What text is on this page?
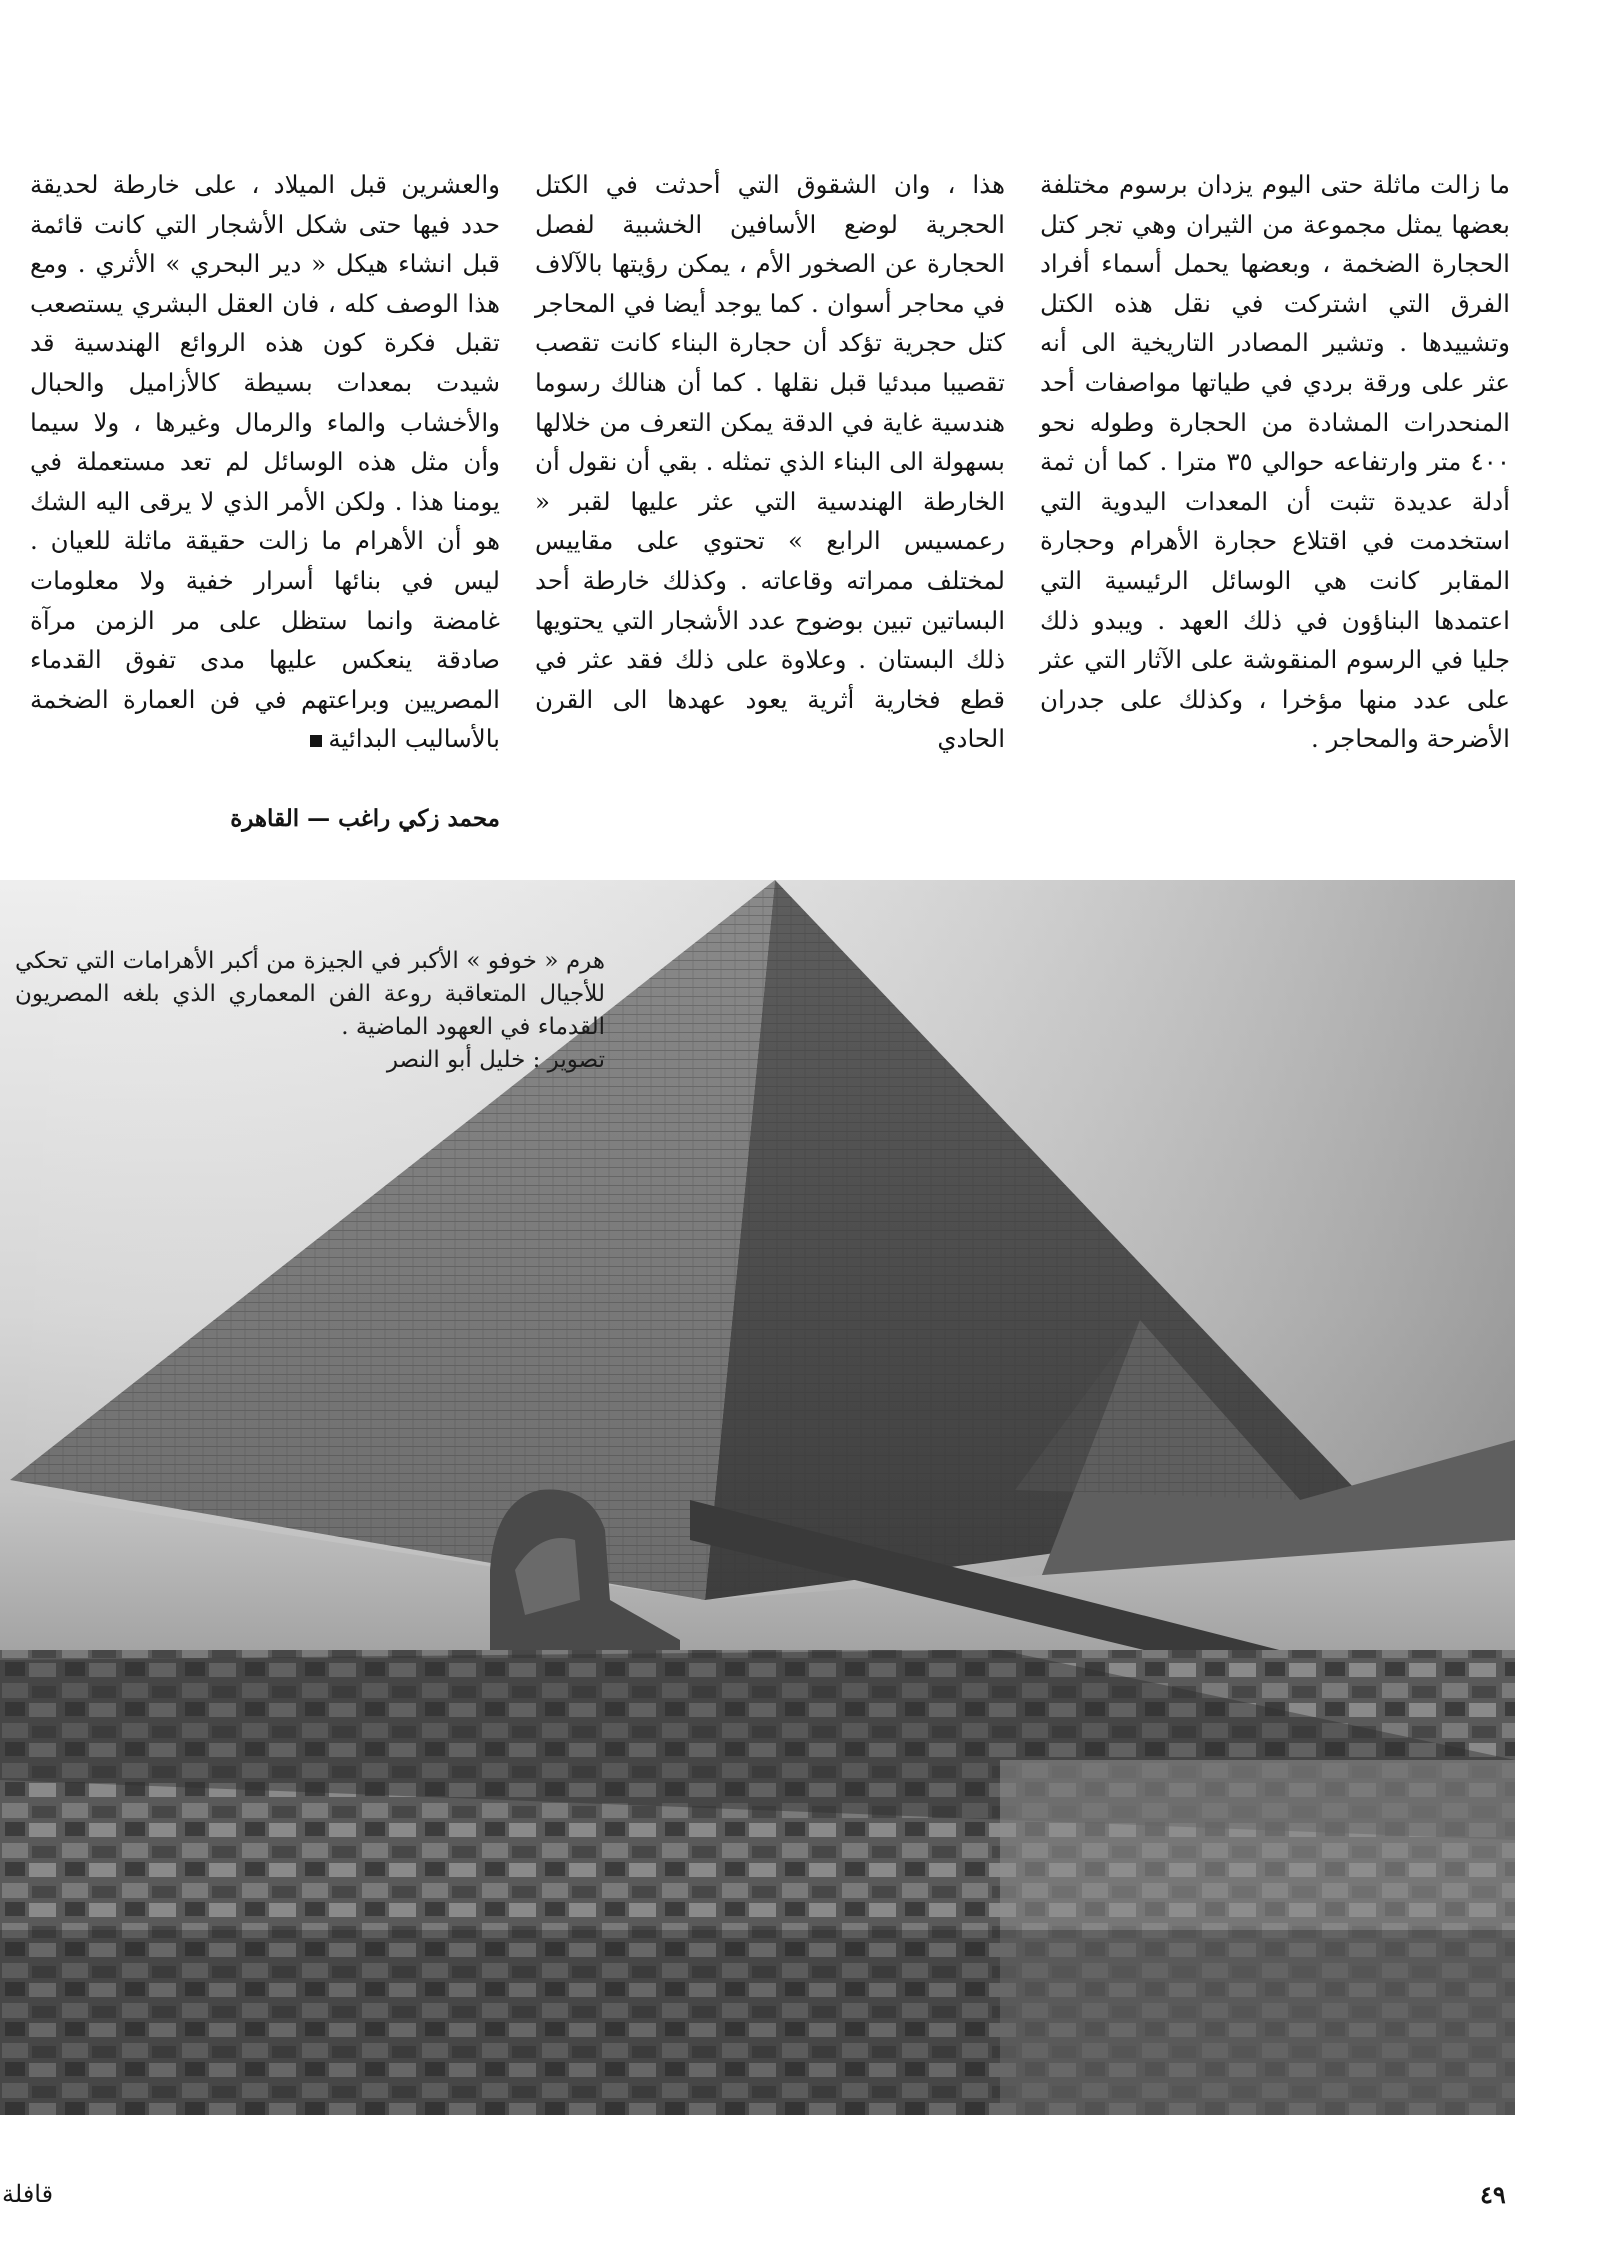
ما زالت ماثلة حتى اليوم يزدان برسوم مختلفة بعضها يمثل مجموعة من الثيران وهي تجر كتل الحجارة الضخمة ، وبعضها يحمل أسماء أفراد الفرق التي اشتركت في نقل هذه الكتل وتشييدها . وتشير المصادر التاريخية الى أنه عثر على ورقة بردي في طياتها مواصفات أحد المنحدرات المشادة من الحجارة وطوله نحو ٤٠٠ متر وارتفاعه حوالي ٣٥ مترا . كما أن ثمة أدلة عديدة تثبت أن المعدات اليدوية التي استخدمت في اقتلاع حجارة الأهرام وحجارة المقابر كانت هي الوسائل الرئيسية التي اعتمدها البناؤون في ذلك العهد . ويبدو ذلك جليا في الرسوم المنقوشة على الآثار التي عثر على عدد منها مؤخرا ، وكذلك على جدران الأضرحة والمحاجر .

هذا ، وان الشقوق التي أحدثت في الكتل الحجرية لوضع الأسافين الخشبية لفصل الحجارة عن الصخور الأم ، يمكن رؤيتها بالآلاف في محاجر أسوان . كما يوجد أيضا في المحاجر كتل حجرية تؤكد أن حجارة البناء كانت تقصب تقصيبا مبدئيا قبل نقلها . كما أن هنالك رسوما هندسية غاية في الدقة يمكن التعرف من خلالها بسهولة الى البناء الذي تمثله . بقي أن نقول أن الخارطة الهندسية التي عثر عليها لقبر « رعمسيس الرابع » تحتوي على مقاييس لمختلف ممراته وقاعاته . وكذلك خارطة أحد البساتين تبين بوضوح عدد الأشجار التي يحتويها ذلك البستان . وعلاوة على ذلك فقد عثر في قطع فخارية أثرية يعود عهدها الى القرن الحادي

والعشرين قبل الميلاد ، على خارطة لحديقة حدد فيها حتى شكل الأشجار التي كانت قائمة قبل انشاء هيكل « دير البحري » الأثري . ومع هذا الوصف كله ، فان العقل البشري يستصعب تقبل فكرة كون هذه الروائع الهندسية قد شيدت بمعدات بسيطة كالأزاميل والحبال والأخشاب والماء والرمال وغيرها ، ولا سيما وأن مثل هذه الوسائل لم تعد مستعملة في يومنا هذا . ولكن الأمر الذي لا يرقى اليه الشك هو أن الأهرام ما زالت حقيقة ماثلة للعيان . ليس في بنائها أسرار خفية ولا معلومات غامضة وانما ستظل على مر الزمن مرآة صادقة ينعكس عليها مدى تفوق القدماء المصريين وبراعتهم في فن العمارة الضخمة بالأساليب البدائية

محمد زكي راغب — القاهرة
هرم « خوفو » الأكبر في الجيزة من أكبر الأهرامات التي تحكي للأجيال المتعاقبة روعة الفن المعماري الذي بلغه المصريون القدماء في العهود الماضية .
تصوير : خليل أبو النصر
٤٩
قافلة
